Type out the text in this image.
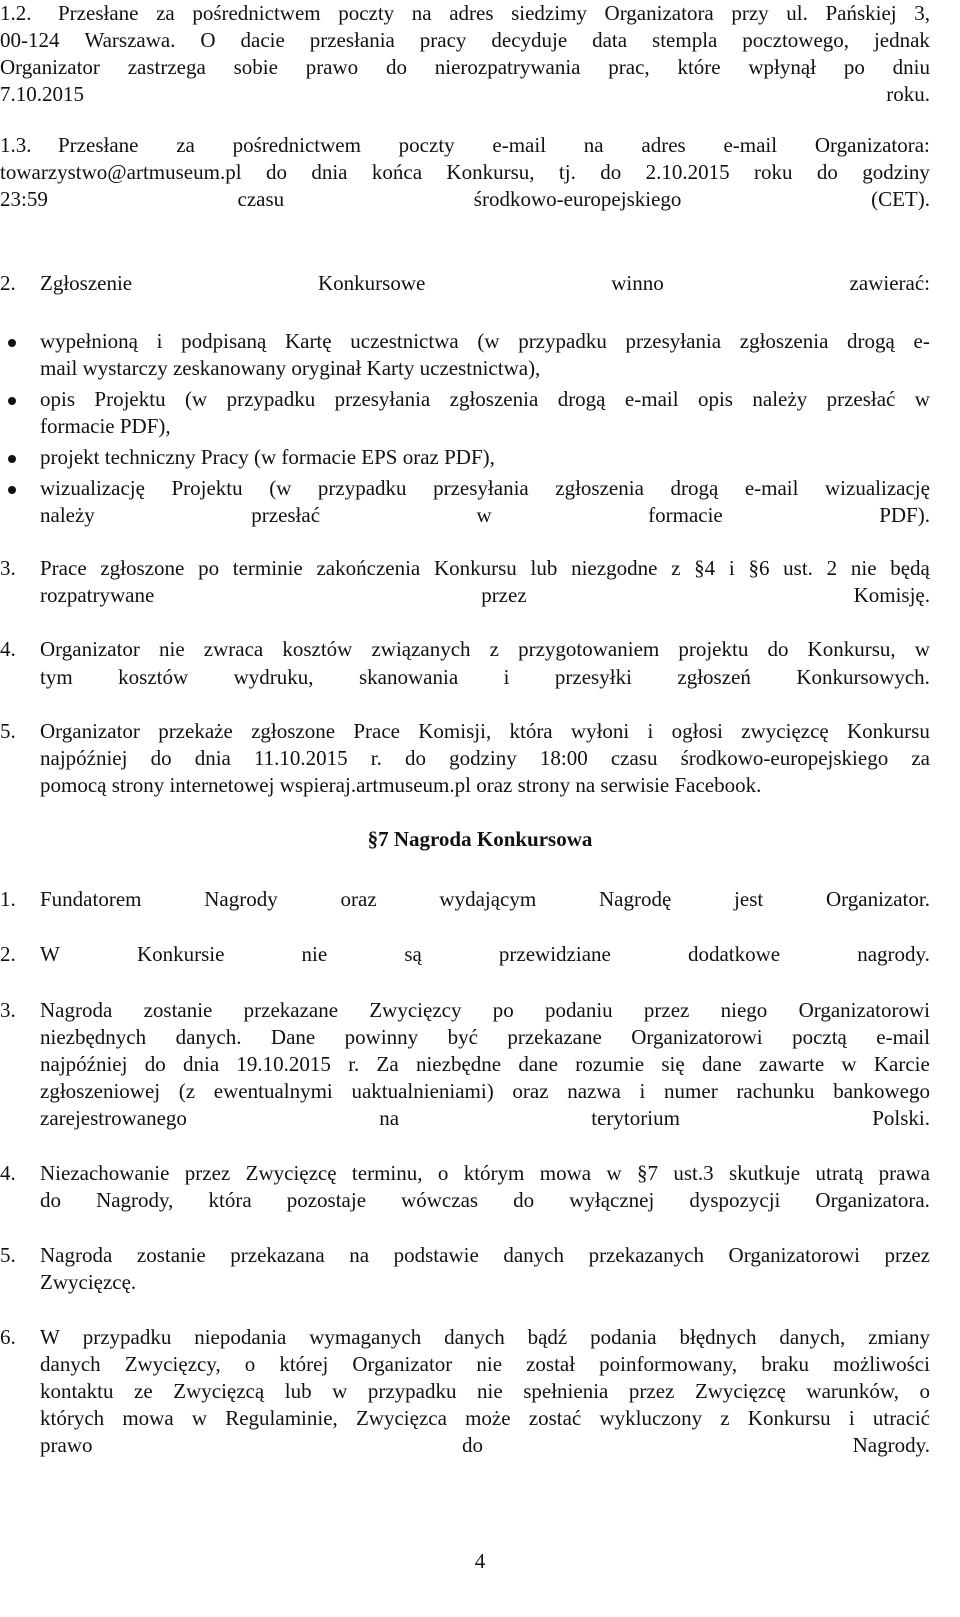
1.2. Przesłane za pośrednictwem poczty na adres siedzimy Organizatora przy ul. Pańskiej 3,
00-124 Warszawa. O dacie przesłania pracy decyduje data stempla pocztowego, jednak
Organizator zastrzega sobie prawo do nierozpatrywania prac, które wpłynął po dniu
7.10.2015	roku.
1.3. Przesłane za pośrednictwem poczty e-mail na adres e-mail Organizatora:
towarzystwo@artmuseum.pl do dnia końca Konkursu, tj. do 2.10.2015 roku do godziny
23:59	czasu	środkowo-europejskiego	(CET).
2. Zgłoszenie	Konkursowe	winno	zawierać:
wypełnioną i podpisaną Kartę uczestnictwa (w przypadku przesyłania zgłoszenia drogą e-
mail wystarczy zeskanowany oryginał Karty uczestnictwa),
opis Projektu (w przypadku przesyłania zgłoszenia drogą e-mail opis należy przesłać w
formacie PDF),
projekt techniczny Pracy (w formacie EPS oraz PDF),
wizualizację Projektu (w przypadku przesyłania zgłoszenia drogą e-mail wizualizację
należy	przesłać	w	formacie	PDF).
3. Prace zgłoszone po terminie zakończenia Konkursu lub niezgodne z §4 i §6 ust. 2 nie będą
rozpatrywane	przez	Komisję.
4. Organizator nie zwraca kosztów związanych z przygotowaniem projektu do Konkursu, w
tym kosztów wydruku, skanowania i przesyłki zgłoszeń Konkursowych.
5. Organizator przekaże zgłoszone Prace Komisji, która wyłoni i ogłosi zwycięzcę Konkursu
najpóźniej do dnia 11.10.2015 r. do godziny 18:00 czasu środkowo-europejskiego za
pomocą strony internetowej wspieraj.artmuseum.pl oraz strony na serwisie Facebook.
§7 Nagroda Konkursowa
1. Fundatorem	Nagrody	oraz	wydającym	Nagrodę	jest	Organizator.
2. W	Konkursie	nie	są	przewidziane	dodatkowe	nagrody.
3. Nagroda zostanie przekazane Zwycięzcy po podaniu przez niego Organizatorowi
niezbędnych danych. Dane powinny być przekazane Organizatorowi pocztą e-mail
najpóźniej do dnia 19.10.2015 r. Za niezbędne dane rozumie się dane zawarte w Karcie
zgłoszeniowej (z ewentualnymi uaktualnieniami) oraz nazwa i numer rachunku bankowego
zarejestrowanego	na	terytorium	Polski.
4. Niezachowanie przez Zwycięzcę terminu, o którym mowa w §7 ust.3 skutkuje utratą prawa
do Nagrody, która pozostaje wówczas do wyłącznej dyspozycji Organizatora.
5. Nagroda zostanie przekazana na podstawie danych przekazanych Organizatorowi przez
Zwycięzcę.
6. W przypadku niepodania wymaganych danych bądź podania błędnych danych, zmiany
danych Zwycięzcy, o której Organizator nie został poinformowany, braku możliwości
kontaktu ze Zwycięzcą lub w przypadku nie spełnienia przez Zwycięzcę warunków, o
których mowa w Regulaminie, Zwycięzca może zostać wykluczony z Konkursu i utracić
prawo	do	Nagrody.
4
